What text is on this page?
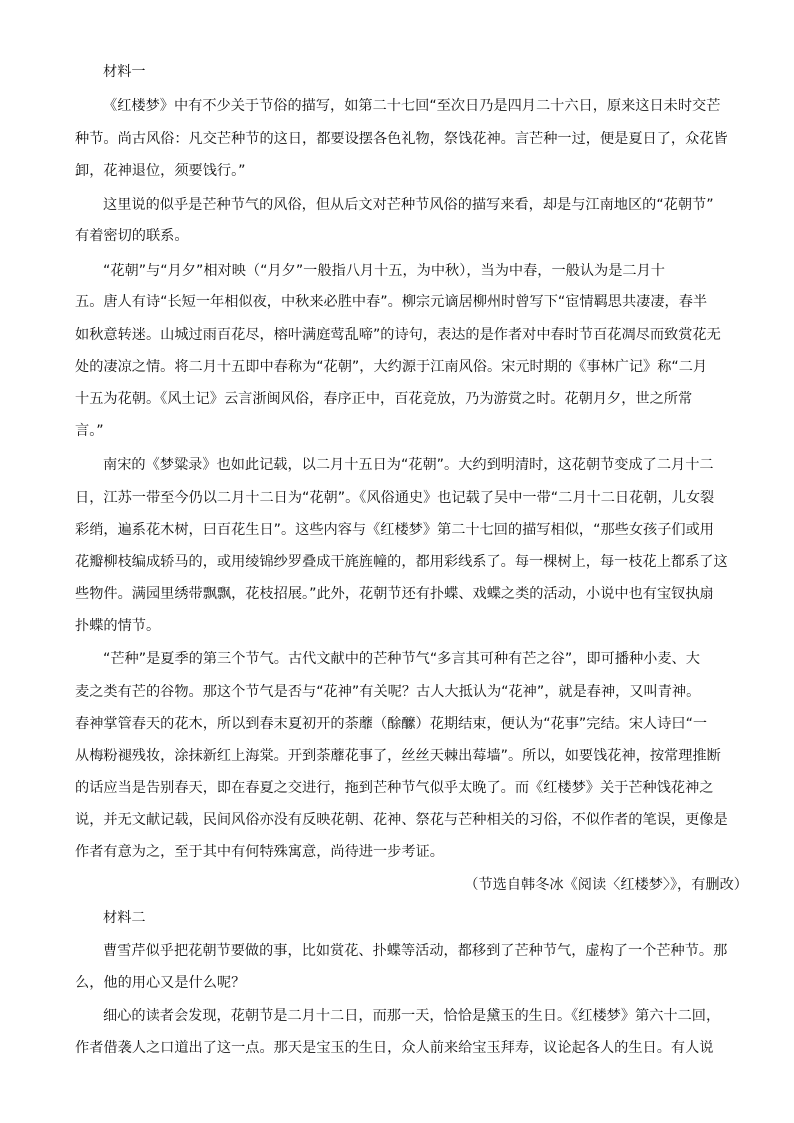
材料一
《红楼梦》中有不少关于节俗的描写，如第二十七回“至次日乃是四月二十六日，原来这日未时交芒
种节。尚古风俗：凡交芒种节的这日，都要设摆各色礼物，祭饯花神。言芒种一过，便是夏日了，众花皆
卸，花神退位，须要饯行。”
这里说的似乎是芒种节气的风俗，但从后文对芒种节风俗的描写来看，却是与江南地区的“花朝节”
有着密切的联系。
“花朝”与“月夕”相对映（“月夕”一般指八月十五，为中秋），当为中春，一般认为是二月十
五。唐人有诗“长短一年相似夜，中秋来必胜中春”。柳宗元谪居柳州时曾写下“宦情羁思共凄凄，春半
如秋意转迷。山城过雨百花尽，榕叶满庭莺乱啼”的诗句，表达的是作者对中春时节百花凋尽而致赏花无
处的凄凉之情。将二月十五即中春称为“花朝”，大约源于江南风俗。宋元时期的《事林广记》称“二月
十五为花朝。《风土记》云言浙闽风俗，春序正中，百花竞放，乃为游赏之时。花朝月夕，世之所常
言。”
南宋的《梦粱录》也如此记载，以二月十五日为“花朝”。大约到明清时，这花朝节变成了二月十二
日，江苏一带至今仍以二月十二日为“花朝”。《风俗通史》也记载了吴中一带“二月十二日花朝，儿女裂
彩绡，遍系花木树，曰百花生日”。这些内容与《红楼梦》第二十七回的描写相似，“那些女孩子们或用
花瓣柳枝编成轿马的，或用绫锦纱罗叠成干旄旌幢的，都用彩线系了。每一棵树上，每一枝花上都系了这
些物件。满园里绣带飘飘，花枝招展。”此外，花朝节还有扑蝶、戏蝶之类的活动，小说中也有宝钗执扇
扑蝶的情节。
“芒种”是夏季的第三个节气。古代文献中的芒种节气“多言其可种有芒之谷”，即可播种小麦、大
麦之类有芒的谷物。那这个节气是否与“花神”有关呢？古人大抵认为“花神”，就是春神，又叫青神。
春神掌管春天的花木，所以到春末夏初开的荼蘼（酴醿）花期结束，便认为“花事”完结。宋人诗曰“一
从梅粉褪残妆，涂抹新红上海棠。开到荼蘼花事了，丝丝天棘出莓墙”。所以，如要饯花神，按常理推断
的话应当是告别春天，即在春夏之交进行，拖到芒种节气似乎太晚了。而《红楼梦》关于芒种饯花神之
说，并无文献记载，民间风俗亦没有反映花朝、花神、祭花与芒种相关的习俗，不似作者的笔误，更像是
作者有意为之，至于其中有何特殊寓意，尚待进一步考证。
（节选自韩冬冰《阅读〈红楼梦〉》，有删改）
材料二
曹雪芹似乎把花朝节要做的事，比如赏花、扑蝶等活动，都移到了芒种节气，虚构了一个芒种节。那
么，他的用心又是什么呢？
细心的读者会发现，花朝节是二月十二日，而那一天，恰恰是黛玉的生日。《红楼梦》第六十二回，
作者借袭人之口道出了这一点。那天是宝玉的生日，众人前来给宝玉拜寿，议论起各人的生日。有人说
